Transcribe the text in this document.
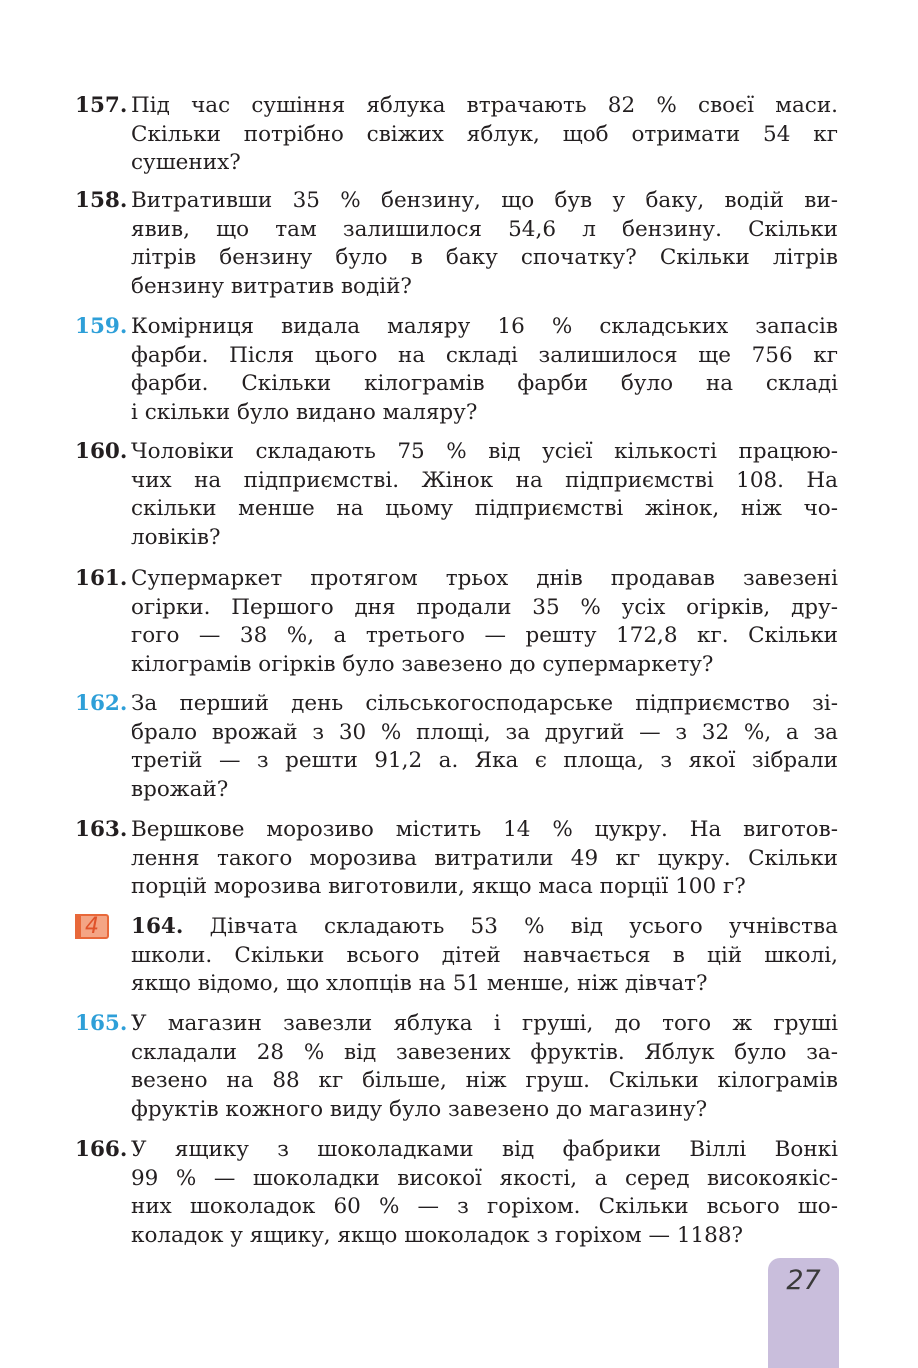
157. Під час сушіння яблука втрачають 82 % своєї маси.
Скільки потрібно свіжих яблук, щоб отримати 54 кг
сушених?
158. Витративши 35 % бензину, що був у баку, водій ви-
явив, що там залишилося 54,6 л бензину. Скільки
літрів бензину було в баку спочатку? Скільки літрів
бензину витратив водій?
159. Комірниця видала маляру 16 % складських запасів
фарби. Після цього на складі залишилося ще 756 кг
фарби. Скільки кілограмів фарби було на складі
і скільки було видано маляру?
160. Чоловіки складають 75 % від усієї кількості працюю-
чих на підприємстві. Жінок на підприємстві 108. На
скільки менше на цьому підприємстві жінок, ніж чо-
ловіків?
161. Супермаркет протягом трьох днів продавав завезені
огірки. Першого дня продали 35 % усіх огірків, дру-
гого — 38 %, а третього — решту 172,8 кг. Скільки
кілограмів огірків було завезено до супермаркету?
162. За перший день сільськогосподарське підприємство зі-
брало врожай з 30 % площі, за другий — з 32 %, а за
третій — з решти 91,2 а. Яка є площа, з якої зібрали
врожай?
163. Вершкове морозиво містить 14 % цукру. На виготов-
лення такого морозива витратили 49 кг цукру. Скільки
порцій морозива виготовили, якщо маса порції 100 г?
4 164. Дівчата складають 53 % від усього учнівства
школи. Скільки всього дітей навчається в цій школі,
якщо відомо, що хлопців на 51 менше, ніж дівчат?
165. У магазин завезли яблука і груші, до того ж груші
складали 28 % від завезених фруктів. Яблук було за-
везено на 88 кг більше, ніж груш. Скільки кілограмів
фруктів кожного виду було завезено до магазину?
166. У ящику з шоколадками від фабрики Віллі Вонкі
99 % — шоколадки високої якості, а серед високоякіс-
них шоколадок 60 % — з горіхом. Скільки всього шо-
коладок у ящику, якщо шоколадок з горіхом — 1188?
27
